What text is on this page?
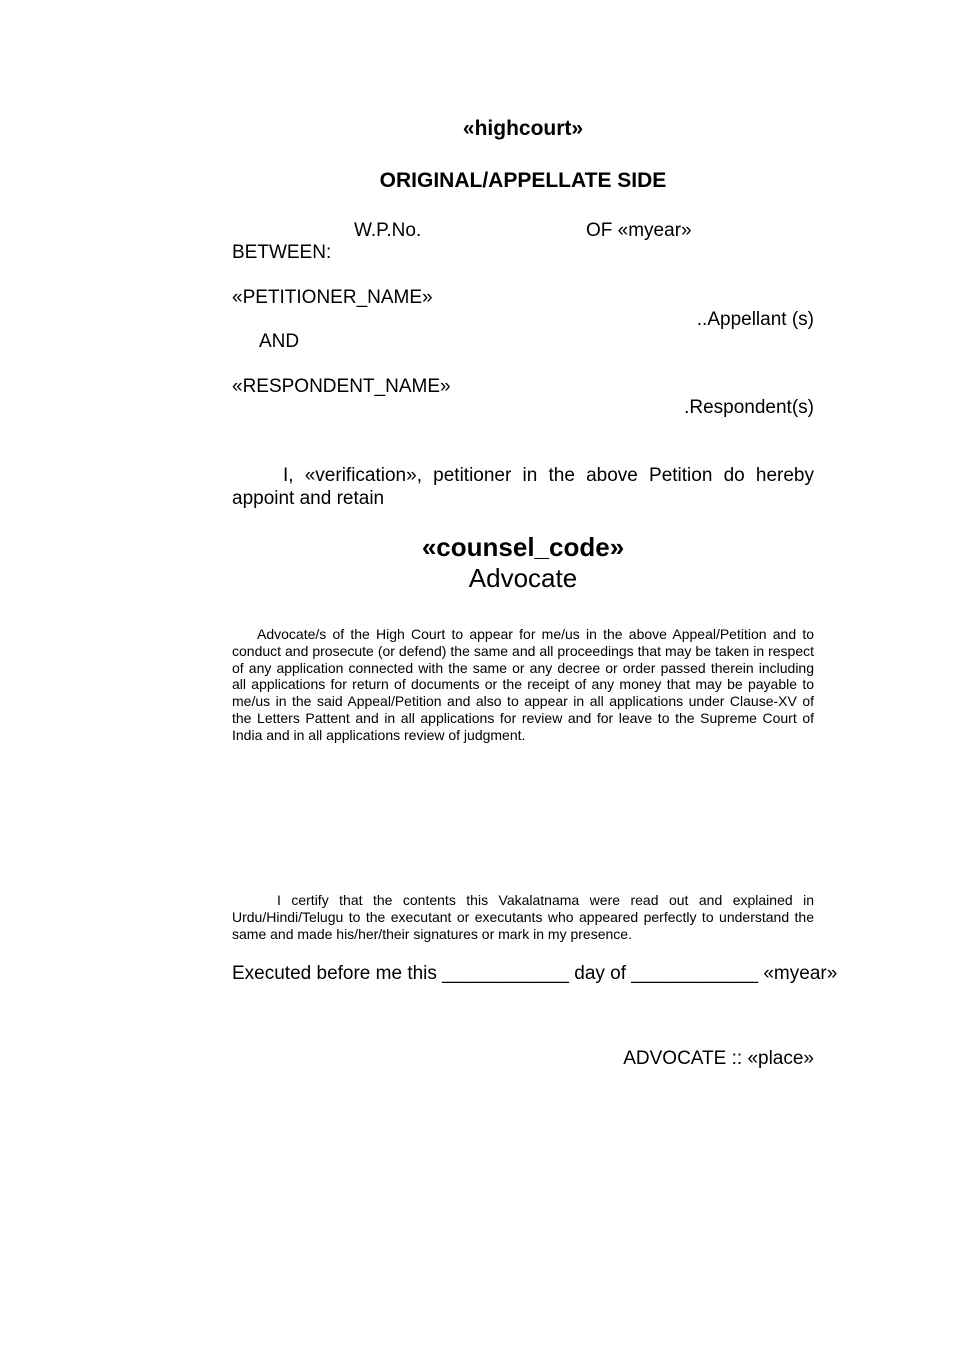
«highcourt»
ORIGINAL/APPELLATE SIDE
W.P.No.	OF «myear»
BETWEEN:
«PETITIONER_NAME»
..Appellant (s)
AND
«RESPONDENT_NAME»
.Respondent(s)

I, «verification», petitioner in the above Petition do hereby appoint and retain

«counsel_code»
Advocate

Advocate/s of the High Court to appear for me/us in the above Appeal/Petition and to conduct and prosecute (or defend) the same and all proceedings that may be taken in respect of any application connected with the same or any decree or order passed therein including all applications for return of documents or the receipt of any money that may be payable to me/us in the said Appeal/Petition and also to appear in all applications under Clause-XV of the Letters Pattent and in all applications for review and for leave to the Supreme Court of India and in all applications review of judgment.

I certify that the contents this Vakalatnama were read out and explained in Urdu/Hindi/Telugu to the executant or executants who appeared perfectly to understand the same and made his/her/their signatures or mark in my presence.

Executed before me this ____________ day of ____________ «myear»
ADVOCATE :: «place»
